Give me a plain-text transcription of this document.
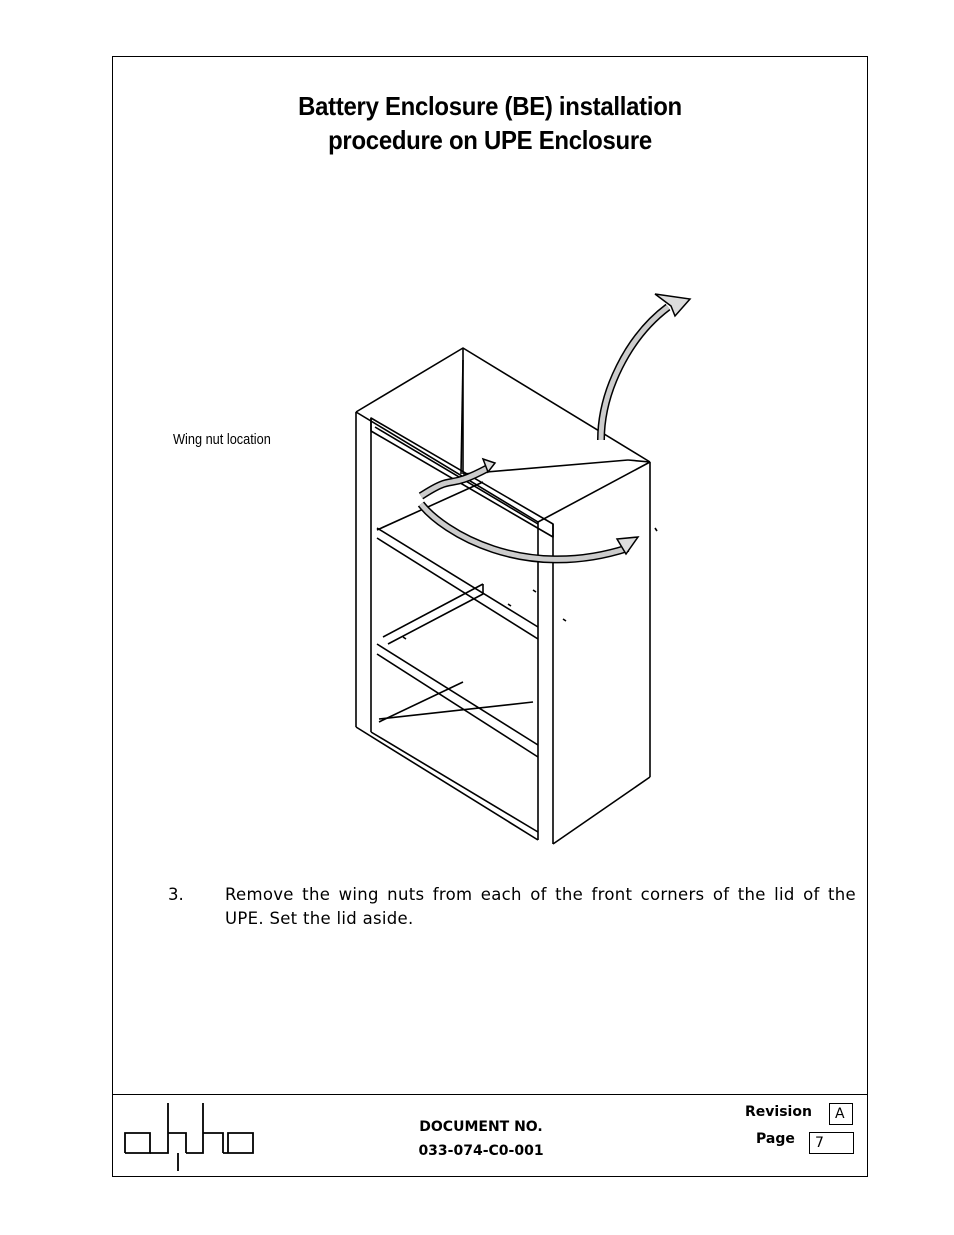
Battery Enclosure (BE) installation
procedure on UPE Enclosure
Wing nut location
3.	Remove the wing nuts from each of the front corners of the lid of the UPE. Set the lid aside.
DOCUMENT NO.
033-074-C0-001
Revision	A
Page	7
